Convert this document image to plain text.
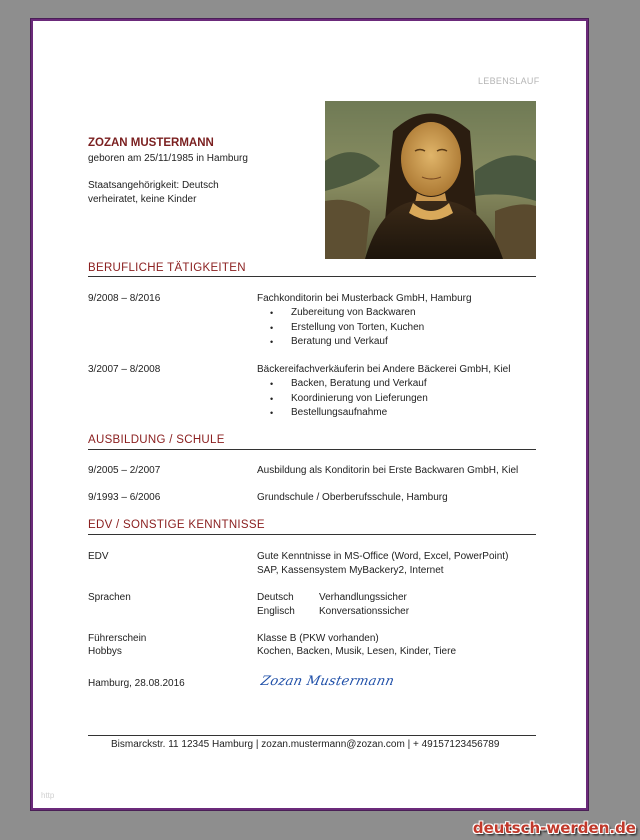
LEBENSLAUF
ZOZAN MUSTERMANN
geboren am 25/11/1985 in Hamburg
Staatsangehörigkeit: Deutsch
verheiratet, keine Kinder
BERUFLICHE TÄTIGKEITEN
9/2008 – 8/2016	Fachkonditorin bei Musterback GmbH, Hamburg
• Zubereitung von Backwaren
• Erstellung von Torten, Kuchen
• Beratung und Verkauf
3/2007 – 8/2008	Bäckereifachverkäuferin bei Andere Bäckerei GmbH, Kiel
• Backen, Beratung und Verkauf
• Koordinierung von Lieferungen
• Bestellungsaufnahme
AUSBILDUNG / SCHULE
9/2005 – 2/2007	Ausbildung als Konditorin bei Erste Backwaren GmbH, Kiel
9/1993 – 6/2006	Grundschule / Oberberufsschule, Hamburg
EDV / SONSTIGE KENNTNISSE
EDV	Gute Kenntnisse in MS-Office (Word, Excel, PowerPoint)
SAP, Kassensystem MyBackery2, Internet
Sprachen	Deutsch	Verhandlungssicher
Englisch Konversationssicher
Führerschein	Klasse B (PKW vorhanden)
Hobbys	Kochen, Backen, Musik, Lesen, Kinder, Tiere
Hamburg, 28.08.2016	Zozan Mustermann
Bismarckstr. 11 12345 Hamburg | zozan.mustermann@zozan.com | + 49157123456789
http
deutsch-werden.de
